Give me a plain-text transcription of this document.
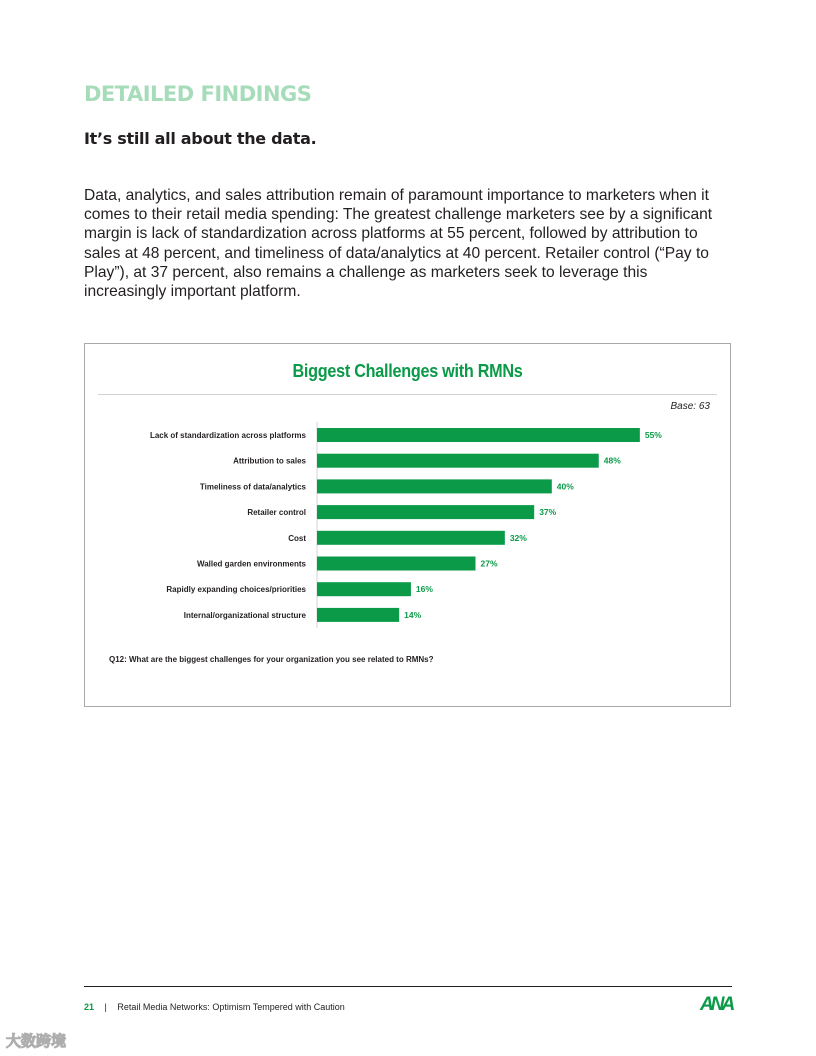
DETAILED FINDINGS
It’s still all about the data.

Data, analytics, and sales attribution remain of paramount importance to marketers when it comes to their retail media spending: The greatest challenge marketers see by a significant margin is lack of standardization across platforms at 55 percent, followed by attribution to sales at 48 percent, and timeliness of data/analytics at 40 percent. Retailer control (“Pay to Play”), at 37 percent, also remains a challenge as marketers seek to leverage this increasingly important platform.

Biggest Challenges with RMNs
Base: 63
Lack of standardization across platforms	55%
Attribution to sales	48%
Timeliness of data/analytics	40%
Retailer control	37%
Cost	32%
Walled garden environments	27%
Rapidly expanding choices/priorities	16%
Internal/organizational structure	14%
Q12: What are the biggest challenges for your organization you see related to RMNs?
21 | Retail Media Networks: Optimism Tempered with Caution	ANA
大数跨境
